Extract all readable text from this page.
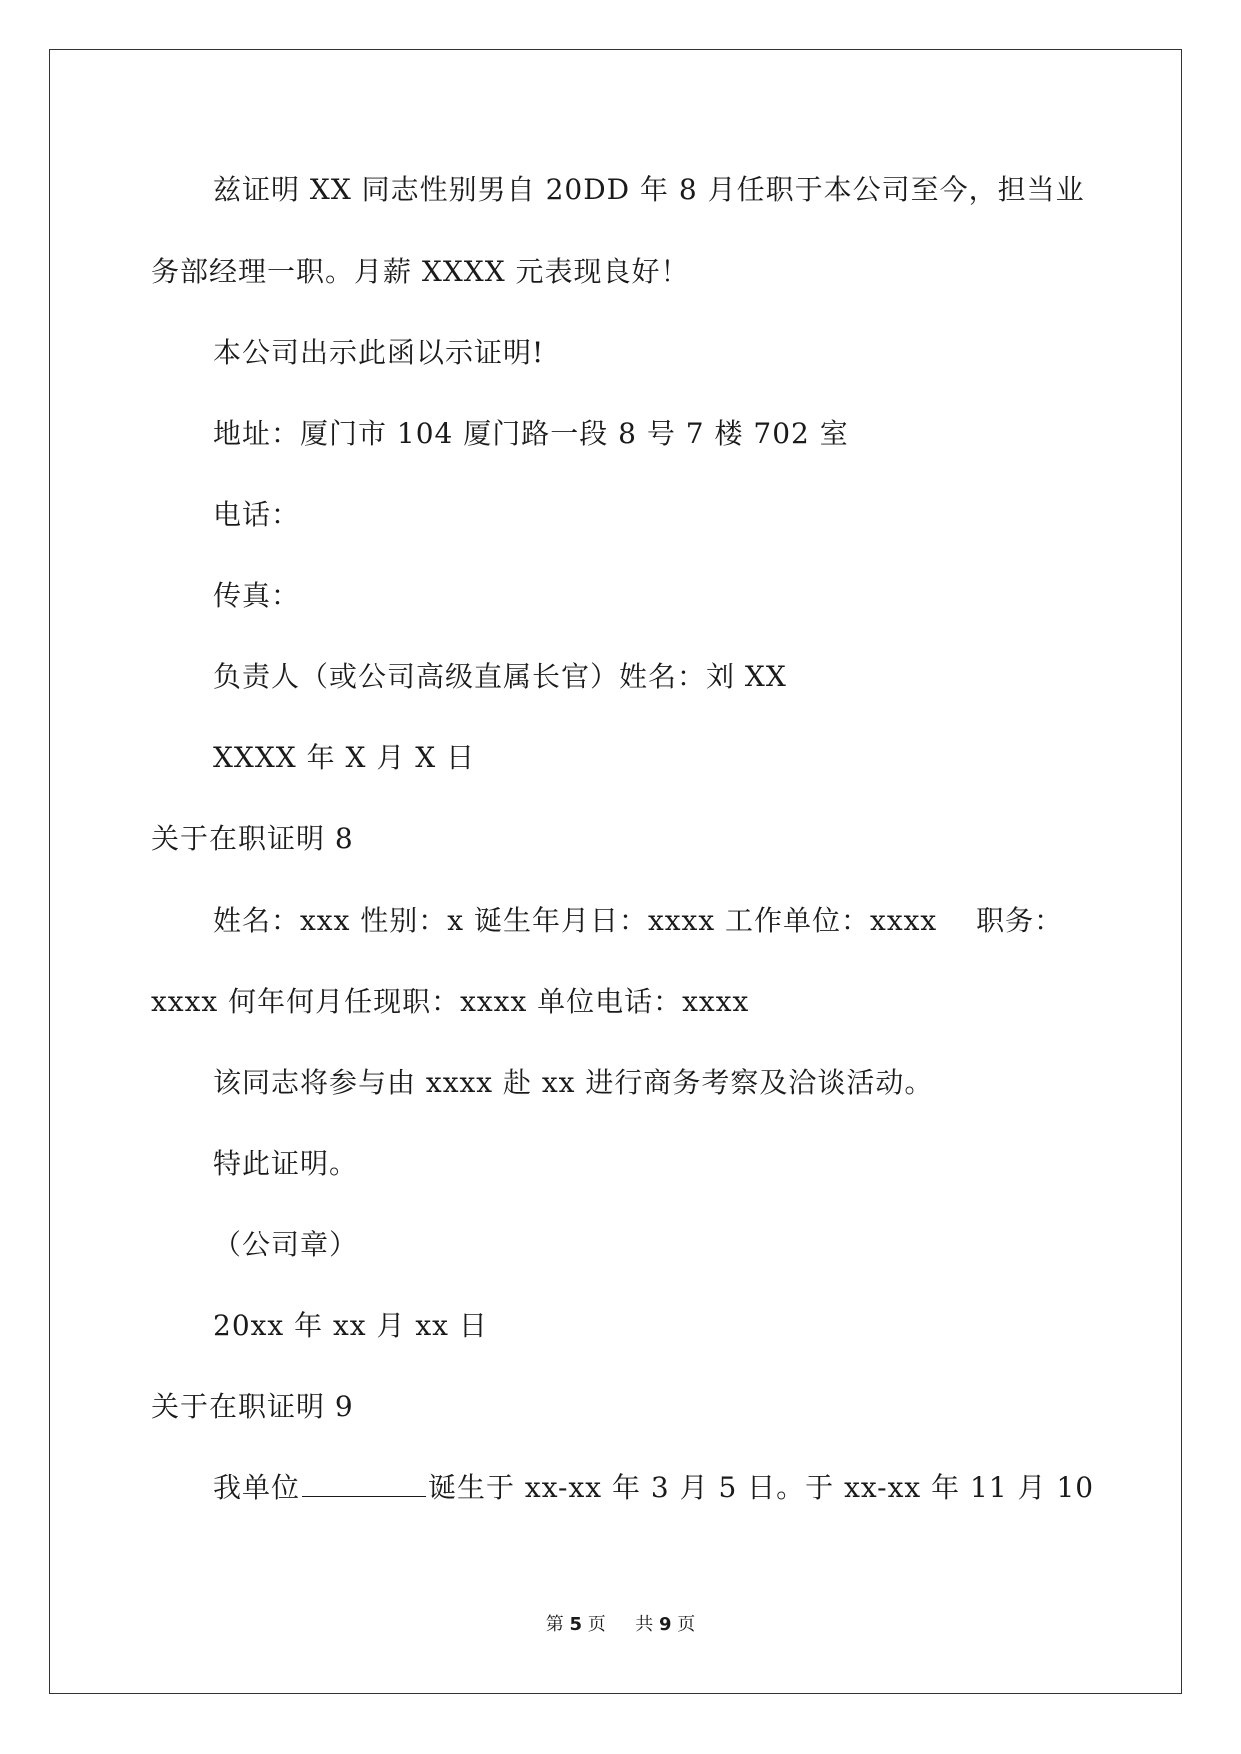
兹证明 XX 同志性别男自 20DD 年 8 月任职于本公司至今，担当业
务部经理一职。月薪 XXXX 元表现良好！
本公司出示此函以示证明!
地址：厦门市 104 厦门路一段 8 号 7 楼 702 室
电话：
传真：
负责人（或公司高级直属长官）姓名：刘 XX
XXXX 年 X 月 X 日
关于在职证明 8
姓名：xxx 性别：x 诞生年月日：xxxx 工作单位：xxxx　 职务：
xxxx 何年何月任现职：xxxx 单位电话：xxxx
该同志将参与由 xxxx 赴 xx 进行商务考察及洽谈活动。
特此证明。
（公司章）
20xx 年 xx 月 xx 日
关于在职证明 9
我单位	诞生于 xx-xx 年 3 月 5 日。于 xx-xx 年 11 月 10
第 5 页 共 9 页
